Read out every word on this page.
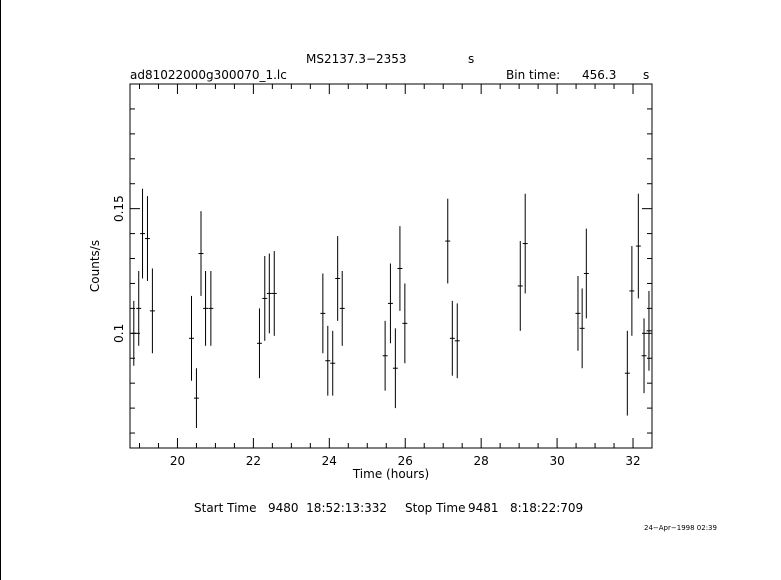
MS2137.3−2353	s
ad81022000g300070_1.lc	Bin time: 456.3 s
20	22	24	26	28	30	32
0.1
0.15
Time (hours)
Counts/s
Start Time 9480  18:52:13:332 Stop Time 9481   8:18:22:709
24−Apr−1998 02:39
